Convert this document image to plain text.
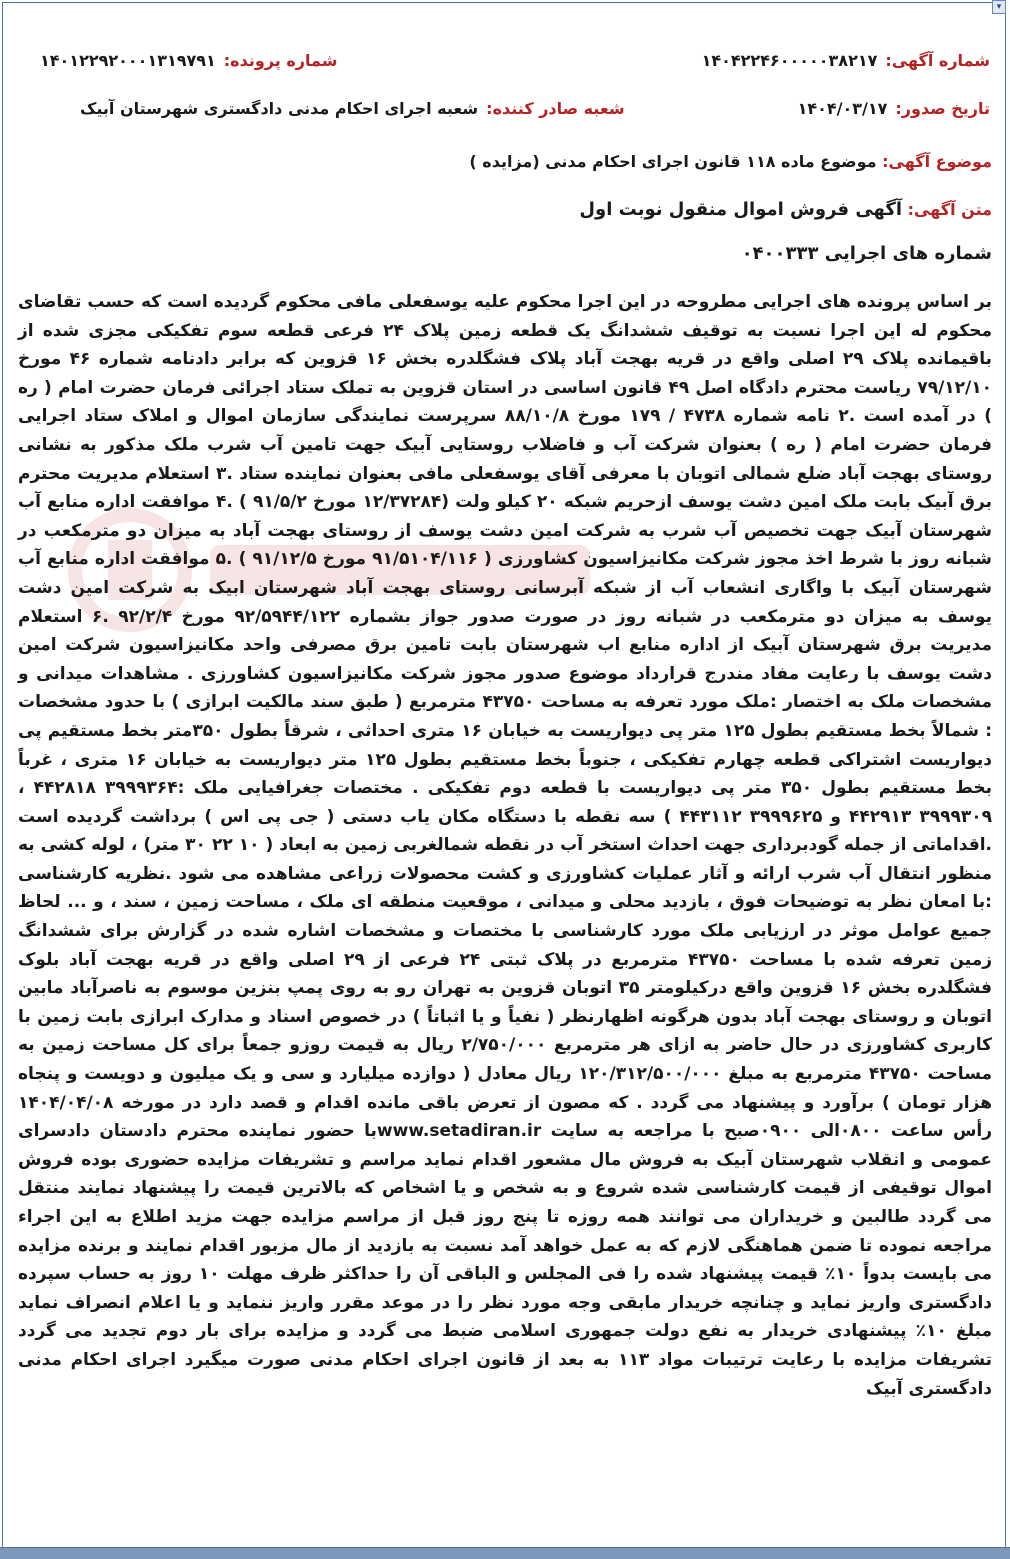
▾
شماره آگهی:
۱۴۰۴۲۲۴۶۰۰۰۰۰۳۸۲۱۷
شماره پرونده:
۱۴۰۱۲۲۹۲۰۰۰۱۳۱۹۷۹۱
تاریخ صدور:
۱۴۰۴/۰۳/۱۷
شعبه صادر کننده:
شعبه اجرای احکام مدنی دادگستری شهرستان آبیک
موضوع آگهی: موضوع ماده ۱۱۸ قانون اجرای احکام مدنی (مزایده )
متن آگهی: آگهی فروش اموال منقول نوبت اول
شماره های اجرایی ۰۴۰۰۳۳۳
بر اساس پرونده های اجرایی مطروحه در این اجرا محکوم علیه یوسفعلی مافی محکوم گردیده است که حسب تقاضای محکوم له این اجرا نسبت به توقیف ششدانگ یک قطعه زمین پلاک ۲۴ فرعی قطعه سوم تفکیکی مجزی شده از باقیمانده پلاک ۲۹ اصلی واقع در قریه بهجت آباد پلاک فشگلدره بخش ۱۶ قزوین که برابر دادنامه شماره ۴۶ مورخ ۷۹/۱۲/۱۰ ریاست محترم دادگاه اصل ۴۹ قانون اساسی در استان قزوین به تملک ستاد اجرائی فرمان حضرت امام ( ره ) در آمده است .۲ نامه شماره ۴۷۳۸ / ۱۷۹ مورخ ۸۸/۱۰/۸ سرپرست نمایندگی سازمان اموال و املاک ستاد اجرایی فرمان حضرت امام ( ره ) بعنوان شرکت آب و فاضلاب روستایی آبیک جهت تامین آب شرب ملک مذکور به نشانی روستای بهجت آباد ضلع شمالی اتوبان با معرفی آقای یوسفعلی مافی بعنوان نماینده ستاد .۳ استعلام مدیریت محترم برق آبیک بابت ملک امین دشت یوسف ازحریم شبکه ۲۰ کیلو ولت (۱۲/۳۷۲۸۴ مورخ ۹۱/۵/۲ ) .۴ موافقت اداره منابع آب شهرستان آبیک جهت تخصیص آب شرب به شرکت امین دشت یوسف از روستای بهجت آباد به میزان دو مترمکعب در شبانه روز با شرط اخذ مجوز شرکت مکانیزاسیون کشاورزی ( ۹۱/۵۱۰۴/۱۱۶ مورخ ۹۱/۱۲/۵ ) .۵ موافقت اداره منابع آب شهرستان آبیک با واگاری انشعاب آب از شبکه آبرسانی روستای بهجت آباد شهرستان ابیک به شرکت امین دشت یوسف به میزان دو مترمکعب در شبانه روز در صورت صدور جواز بشماره ۹۲/۵۹۴۴/۱۲۲ مورخ ۹۲/۲/۴ .۶ استعلام مدیریت برق شهرستان آبیک از اداره منابع اب شهرستان بابت تامین برق مصرفی واحد مکانیزاسیون شرکت امین دشت یوسف با رعایت مفاد مندرج قرارداد موضوع صدور مجوز شرکت مکانیزاسیون کشاورزی . مشاهدات میدانی و مشخصات ملک به اختصار :ملک مورد تعرفه به مساحت ۴۳۷۵۰ مترمربع ( طبق سند مالکیت ابرازی ) با حدود مشخصات : شمالاً بخط مستقیم بطول ۱۲۵ متر پی دیواریست به خیابان ۱۶ متری احداثی ، شرقاً بطول ۳۵۰متر بخط مستقیم پی دیواریست اشتراکی قطعه چهارم تفکیکی ، جنوباً بخط مستقیم بطول ۱۲۵ متر دیواریست به خیابان ۱۶ متری ، غرباً بخط مستقیم بطول ۳۵۰ متر پی دیواریست با قطعه دوم تفکیکی . مختصات جغرافیایی ملک :۳۹۹۹۳۶۴ ۴۴۲۸۱۸ ، ۳۹۹۹۳۰۹ ۴۴۲۹۱۳ و ۳۹۹۹۶۲۵ ۴۴۳۱۱۲ ) سه نقطه با دستگاه مکان یاب دستی ( جی پی اس ) برداشت گردیده است .اقداماتی از جمله گودبرداری جهت احداث استخر آب در نقطه شمالغربی زمین به ابعاد ( ۱۰ ۲۲ ۳۰ متر) ، لوله کشی به منظور انتقال آب شرب ارائه و آثار عملیات کشاورزی و کشت محصولات زراعی مشاهده می شود .نظریه کارشناسی :با امعان نظر به توضیحات فوق ، بازدید محلی و میدانی ، موقعیت منطقه ای ملک ، مساحت زمین ، سند ، و ... لحاظ جمیع عوامل موثر در ارزیابی ملک مورد کارشناسی با مختصات و مشخصات اشاره شده در گزارش برای ششدانگ زمین تعرفه شده با مساحت ۴۳۷۵۰ مترمربع در پلاک ثبتی ۲۴ فرعی از ۲۹ اصلی واقع در قریه بهجت آباد بلوک فشگلدره بخش ۱۶ قزوین واقع درکیلومتر ۳۵ اتوبان قزوین به تهران رو به روی پمپ بنزین موسوم به ناصرآباد مابین اتوبان و روستای بهجت آباد بدون هرگونه اظهارنظر ( نفیاً و یا اثباتاً ) در خصوص اسناد و مدارک ابرازی بابت زمین با کاربری کشاورزی در حال حاضر به ازای هر مترمربع ۲/۷۵۰/۰۰۰ ریال به قیمت روزو جمعاً برای کل مساحت زمین به مساحت ۴۳۷۵۰ مترمربع به مبلغ ۱۲۰/۳۱۲/۵۰۰/۰۰۰ ریال معادل ( دوازده میلیارد و سی و یک میلیون و دویست و پنجاه هزار تومان ) برآورد و پیشنهاد می گردد . که مصون از تعرض باقی مانده اقدام و قصد دارد در مورخه ۱۴۰۴/۰۴/۰۸ رأس ساعت ۰۸۰۰الی ۰۹۰۰صبح با مراجعه به سایت www.setadiran.irبا حضور نماینده محترم دادستان دادسرای عمومی و انقلاب شهرستان آبیک به فروش مال مشعور اقدام نماید مراسم و تشریفات مزایده حضوری بوده فروش اموال توقیفی از قیمت کارشناسی شده شروع و به شخص و یا اشخاص که بالاترین قیمت را پیشنهاد نمایند منتقل می گردد طالبین و خریداران می توانند همه روزه تا پنج روز قبل از مراسم مزایده جهت مزید اطلاع به این اجراء مراجعه نموده تا ضمن هماهنگی لازم که به عمل خواهد آمد نسبت به بازدید از مال مزبور اقدام نمایند و برنده مزایده می بایست بدواً ۱۰٪ قیمت پیشنهاد شده را فی المجلس و الباقی آن را حداکثر ظرف مهلت ۱۰ روز به حساب سپرده دادگستری واریز نماید و چنانچه خریدار مابقی وجه مورد نظر را در موعد مقرر واریز ننماید و یا اعلام انصراف نماید مبلغ ۱۰٪ پیشنهادی خریدار به نفع دولت جمهوری اسلامی ضبط می گردد و مزایده برای بار دوم تجدید می گردد تشریفات مزایده با رعایت ترتیبات مواد ۱۱۳ به بعد از قانون اجرای احکام مدنی صورت میگیرد اجرای احکام مدنی دادگستری آبیک
